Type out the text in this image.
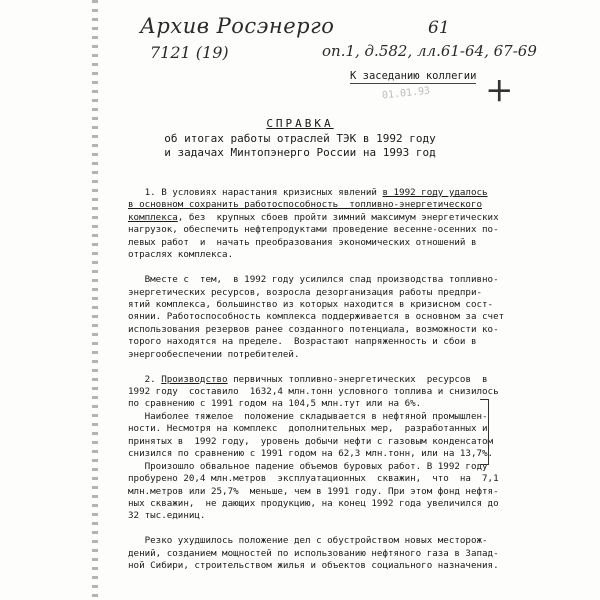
Архив Росэнерго	61
7121 (19)	оп.1, д.582, лл.61-64, 67-69
+
01.01.93
К заседанию коллегии
СПРАВКА
об итогах работы отраслей ТЭК в 1992 году
и задачах Минтопэнерго России на 1993 год
1. В условиях нарастания кризисных явлений в 1992 году удалось
в основном сохранить работоспособность  топливно-энергетического
комплекса, без  крупных сбоев пройти зимний максимум энергетических
нагрузок, обеспечить нефтепродуктами проведение весенне-осенних по-
левых работ  и  начать преобразования экономических отношений в
отраслях комплекса.
Вместе с  тем,  в 1992 году усилился спад производства топливно-
энергетических ресурсов, возросла дезорганизация работы предпри-
ятий комплекса, большинство из которых находится в кризисном сост-
оянии. Работоспособность комплекса поддерживается в основном за счет
использования резервов ранее созданного потенциала, возможности ко-
торого находятся на пределе.  Возрастают напряженность и сбои в
энергообеспечении потребителей.
2. Производство первичных топливно-энергетических  ресурсов  в
1992 году  составило  1632,4 млн.тонн условного топлива и снизилось
по сравнению с 1991 годом на 104,5 млн.тут или на 6%.
Наиболее тяжелое  положение складывается в нефтяной промышлен-
ности. Несмотря на комплекс  дополнительных мер,  разработанных и
принятых в  1992 году,  уровень добычи нефти с газовым конденсатом
снизился по сравнению с 1991 годом на 62,3 млн.тонн, или на 13,7%.
Произошло обвальное падение объемов буровых работ. В 1992 году
пробурено 20,4 млн.метров  эксплуатационных  скважин,  что  на  7,1
млн.метров или 25,7%  меньше, чем в 1991 году. При этом фонд нефтя-
ных скважин,  не дающих продукцию, на конец 1992 года увеличился до
32 тыс.единиц.
Резко ухудшилось положение дел с обустройством новых месторож-
дений, созданием мощностей по использованию нефтяного газа в Запад-
ной Сибири, строительством жилья и объектов социального назначения.
